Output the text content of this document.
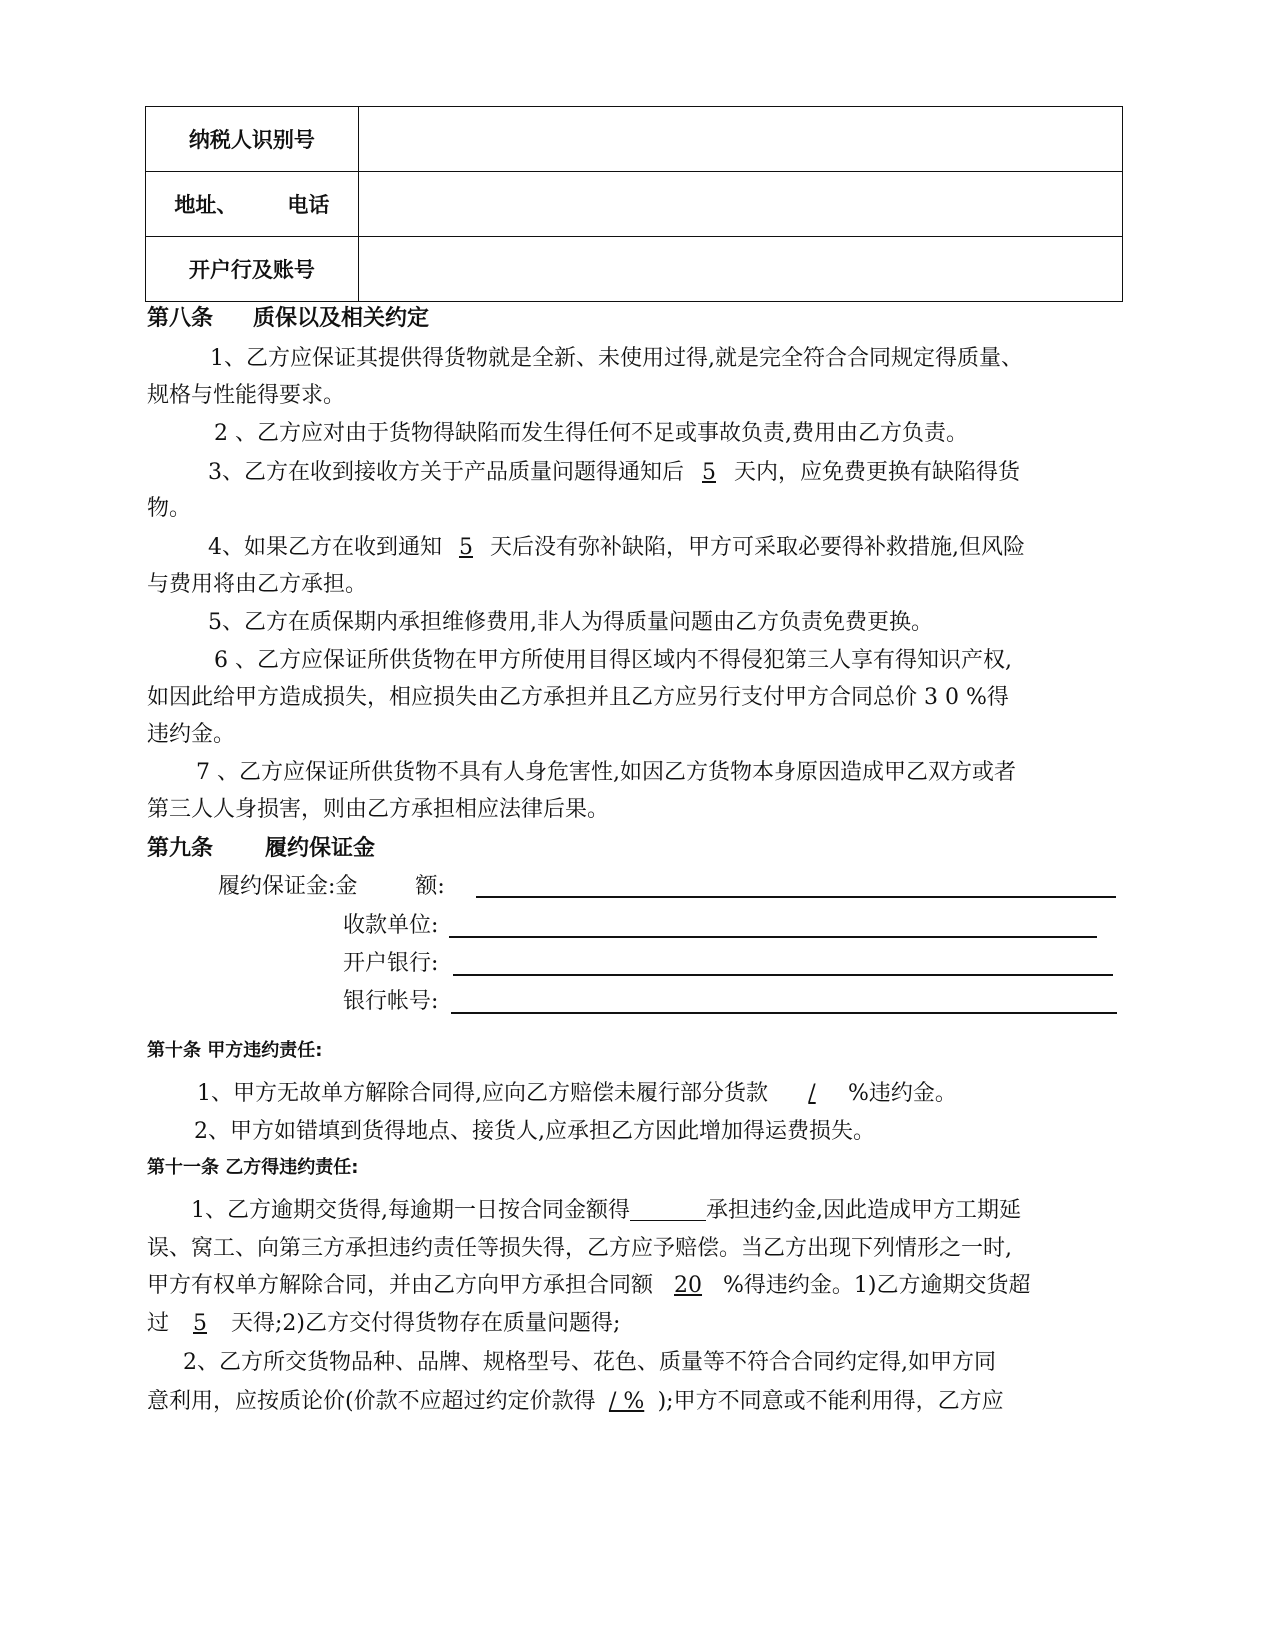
纳税人识别号	
地址、 电话	
开户行及账号	
第八条 质保以及相关约定
1、乙方应保证其提供得货物就是全新、未使用过得,就是完全符合合同规定得质量、
规格与性能得要求。
2 、乙方应对由于货物得缺陷而发生得任何不足或事故负责,费用由乙方负责。
3、乙方在收到接收方关于产品质量问题得通知后 5 天内，应免费更换有缺陷得货
物。
4、如果乙方在收到通知 5 天后没有弥补缺陷，甲方可采取必要得补救措施,但风险
与费用将由乙方承担。
5、乙方在质保期内承担维修费用,非人为得质量问题由乙方负责免费更换。
6 、乙方应保证所供货物在甲方所使用目得区域内不得侵犯第三人享有得知识产权,
如因此给甲方造成损失，相应损失由乙方承担并且乙方应另行支付甲方合同总价 3 0 %得
违约金。
7 、乙方应保证所供货物不具有人身危害性,如因乙方货物本身原因造成甲乙双方或者
第三人人身损害，则由乙方承担相应法律后果。
第九条 履约保证金
履约保证金:金	额:
收款单位:
开户银行:
银行帐号:
第十条 甲方违约责任:
1、甲方无故单方解除合同得,应向乙方赔偿未履行部分货款 / %违约金。
2、甲方如错填到货得地点、接货人,应承担乙方因此增加得运费损失。
第十一条 乙方得违约责任:
1、乙方逾期交货得,每逾期一日按合同金额得	承担违约金,因此造成甲方工期延
误、窝工、向第三方承担违约责任等损失得，乙方应予赔偿。当乙方出现下列情形之一时,
甲方有权单方解除合同，并由乙方向甲方承担合同额 20 %得违约金。1)乙方逾期交货超
过 5 天得;2)乙方交付得货物存在质量问题得;
2、乙方所交货物品种、品牌、规格型号、花色、质量等不符合合同约定得,如甲方同
意利用，应按质论价(价款不应超过约定价款得 / % );甲方不同意或不能利用得，乙方应
